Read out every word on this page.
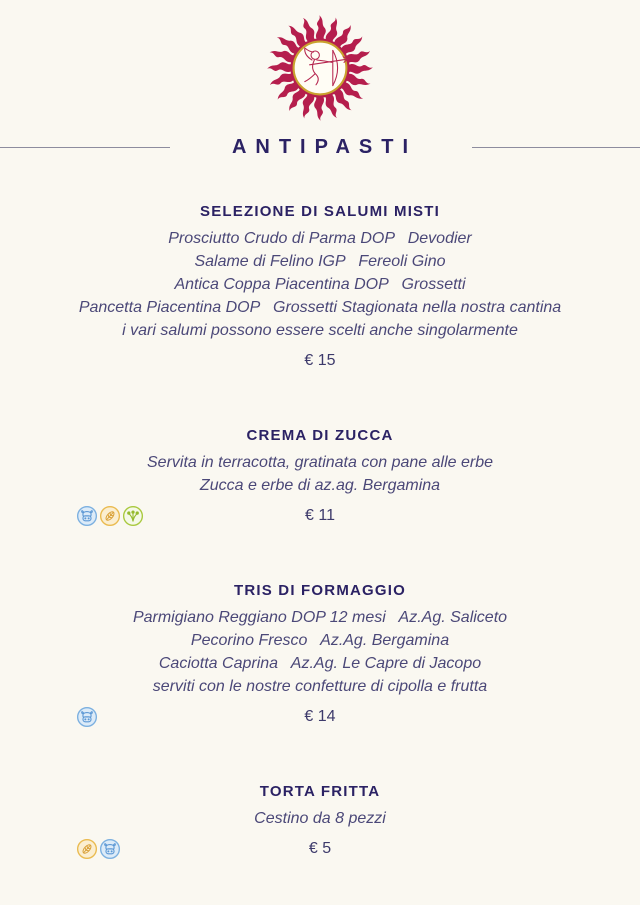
ANTIPASTI
SELEZIONE DI SALUMI MISTI

Prosciutto Crudo di Parma DOP   Devodier

Salame di Felino IGP   Fereoli Gino

Antica Coppa Piacentina DOP   Grossetti

Pancetta Piacentina DOP   Grossetti Stagionata nella nostra cantina

i vari salumi possono essere scelti anche singolarmente

€ 15
CREMA DI ZUCCA

Servita in terracotta, gratinata con pane alle erbe

Zucca e erbe di az.ag. Bergamina

€ 11
TRIS DI FORMAGGIO

Parmigiano Reggiano DOP 12 mesi   Az.Ag. Saliceto

Pecorino Fresco   Az.Ag. Bergamina

Caciotta Caprina   Az.Ag. Le Capre di Jacopo

serviti con le nostre confetture di cipolla e frutta

€ 14
TORTA FRITTA

Cestino da 8 pezzi

€ 5
